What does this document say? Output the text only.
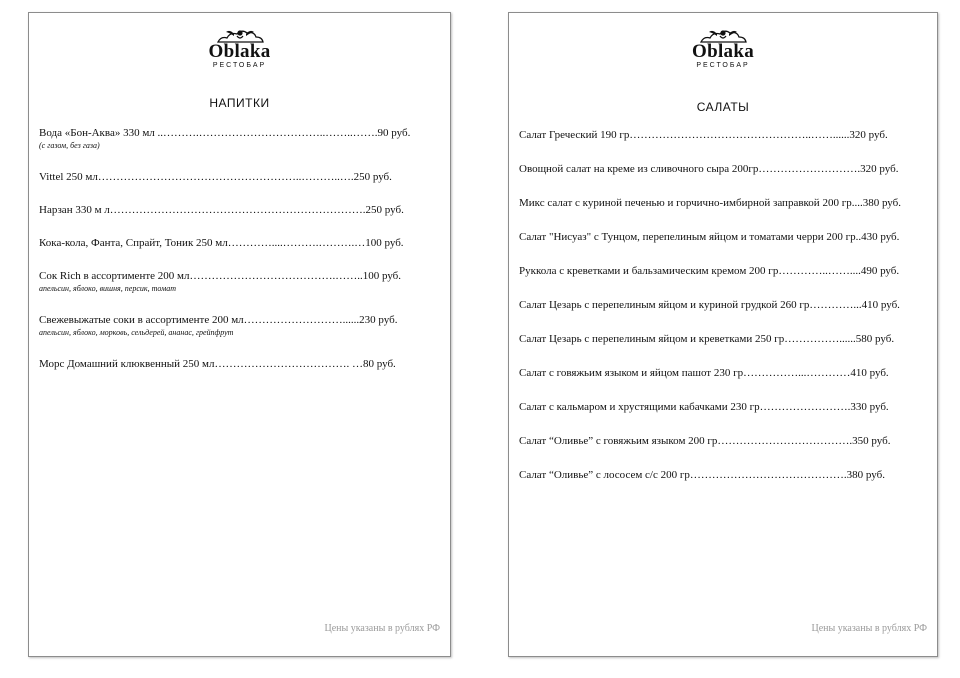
Oblaka
РЕСТОБАР
НАПИТКИ
Вода «Бон-Аква» 330 мл ..……….……………………………..……..…….90 руб.
(с газом, без газа)
Vittel 250 мл………………………………………………..………..….250 руб.
Нарзан 330 м л…………………………………………………………….250 руб.
Кока-кола, Фанта, Спрайт, Тоник 250 мл…………....……….……….…100 руб.
Сок Rich в ассортименте 200 мл………………………………….……..100 руб.
апельсин, яблоко, вишня, персик, томат
Свежевыжатые соки в ассортименте 200 мл………………………......230 руб.
апельсин, яблоко, морковь, сельдерей, ананас, грейпфрут
Морс Домашний клюквенный 250 мл………………………………. …80 руб.
Цены указаны в рублях РФ
Oblaka
РЕСТОБАР
САЛАТЫ
Салат Греческий 190 гр…………………………………………..……......320 руб.
Овощной салат на креме из сливочного сыра 200гр……………………….320 руб.
Микс салат с куриной печенью и горчично-имбирной заправкой 200 гр....380 руб.
Салат "Нисуаз" с Тунцом, перепелиным яйцом и томатами черри 200 гр..430 руб.
Руккола с креветками и бальзамическим кремом 200 гр…………..……....490 руб.
Салат Цезарь с перепелиным яйцом и куриной грудкой 260 гр…………...410 руб.
Салат Цезарь с перепелиным яйцом и креветками 250 гр……………......580 руб.
Салат с говяжьим языком и яйцом пашот 230 гр……………...…………410 руб.
Салат с кальмаром и хрустящими кабачками 230 гр…………………….330 руб.
Салат “Оливье” с говяжьим языком 200 гр……………………………….350 руб.
Салат “Оливье” с лососем с/с 200 гр…………………………………….380 руб.
Цены указаны в рублях РФ
